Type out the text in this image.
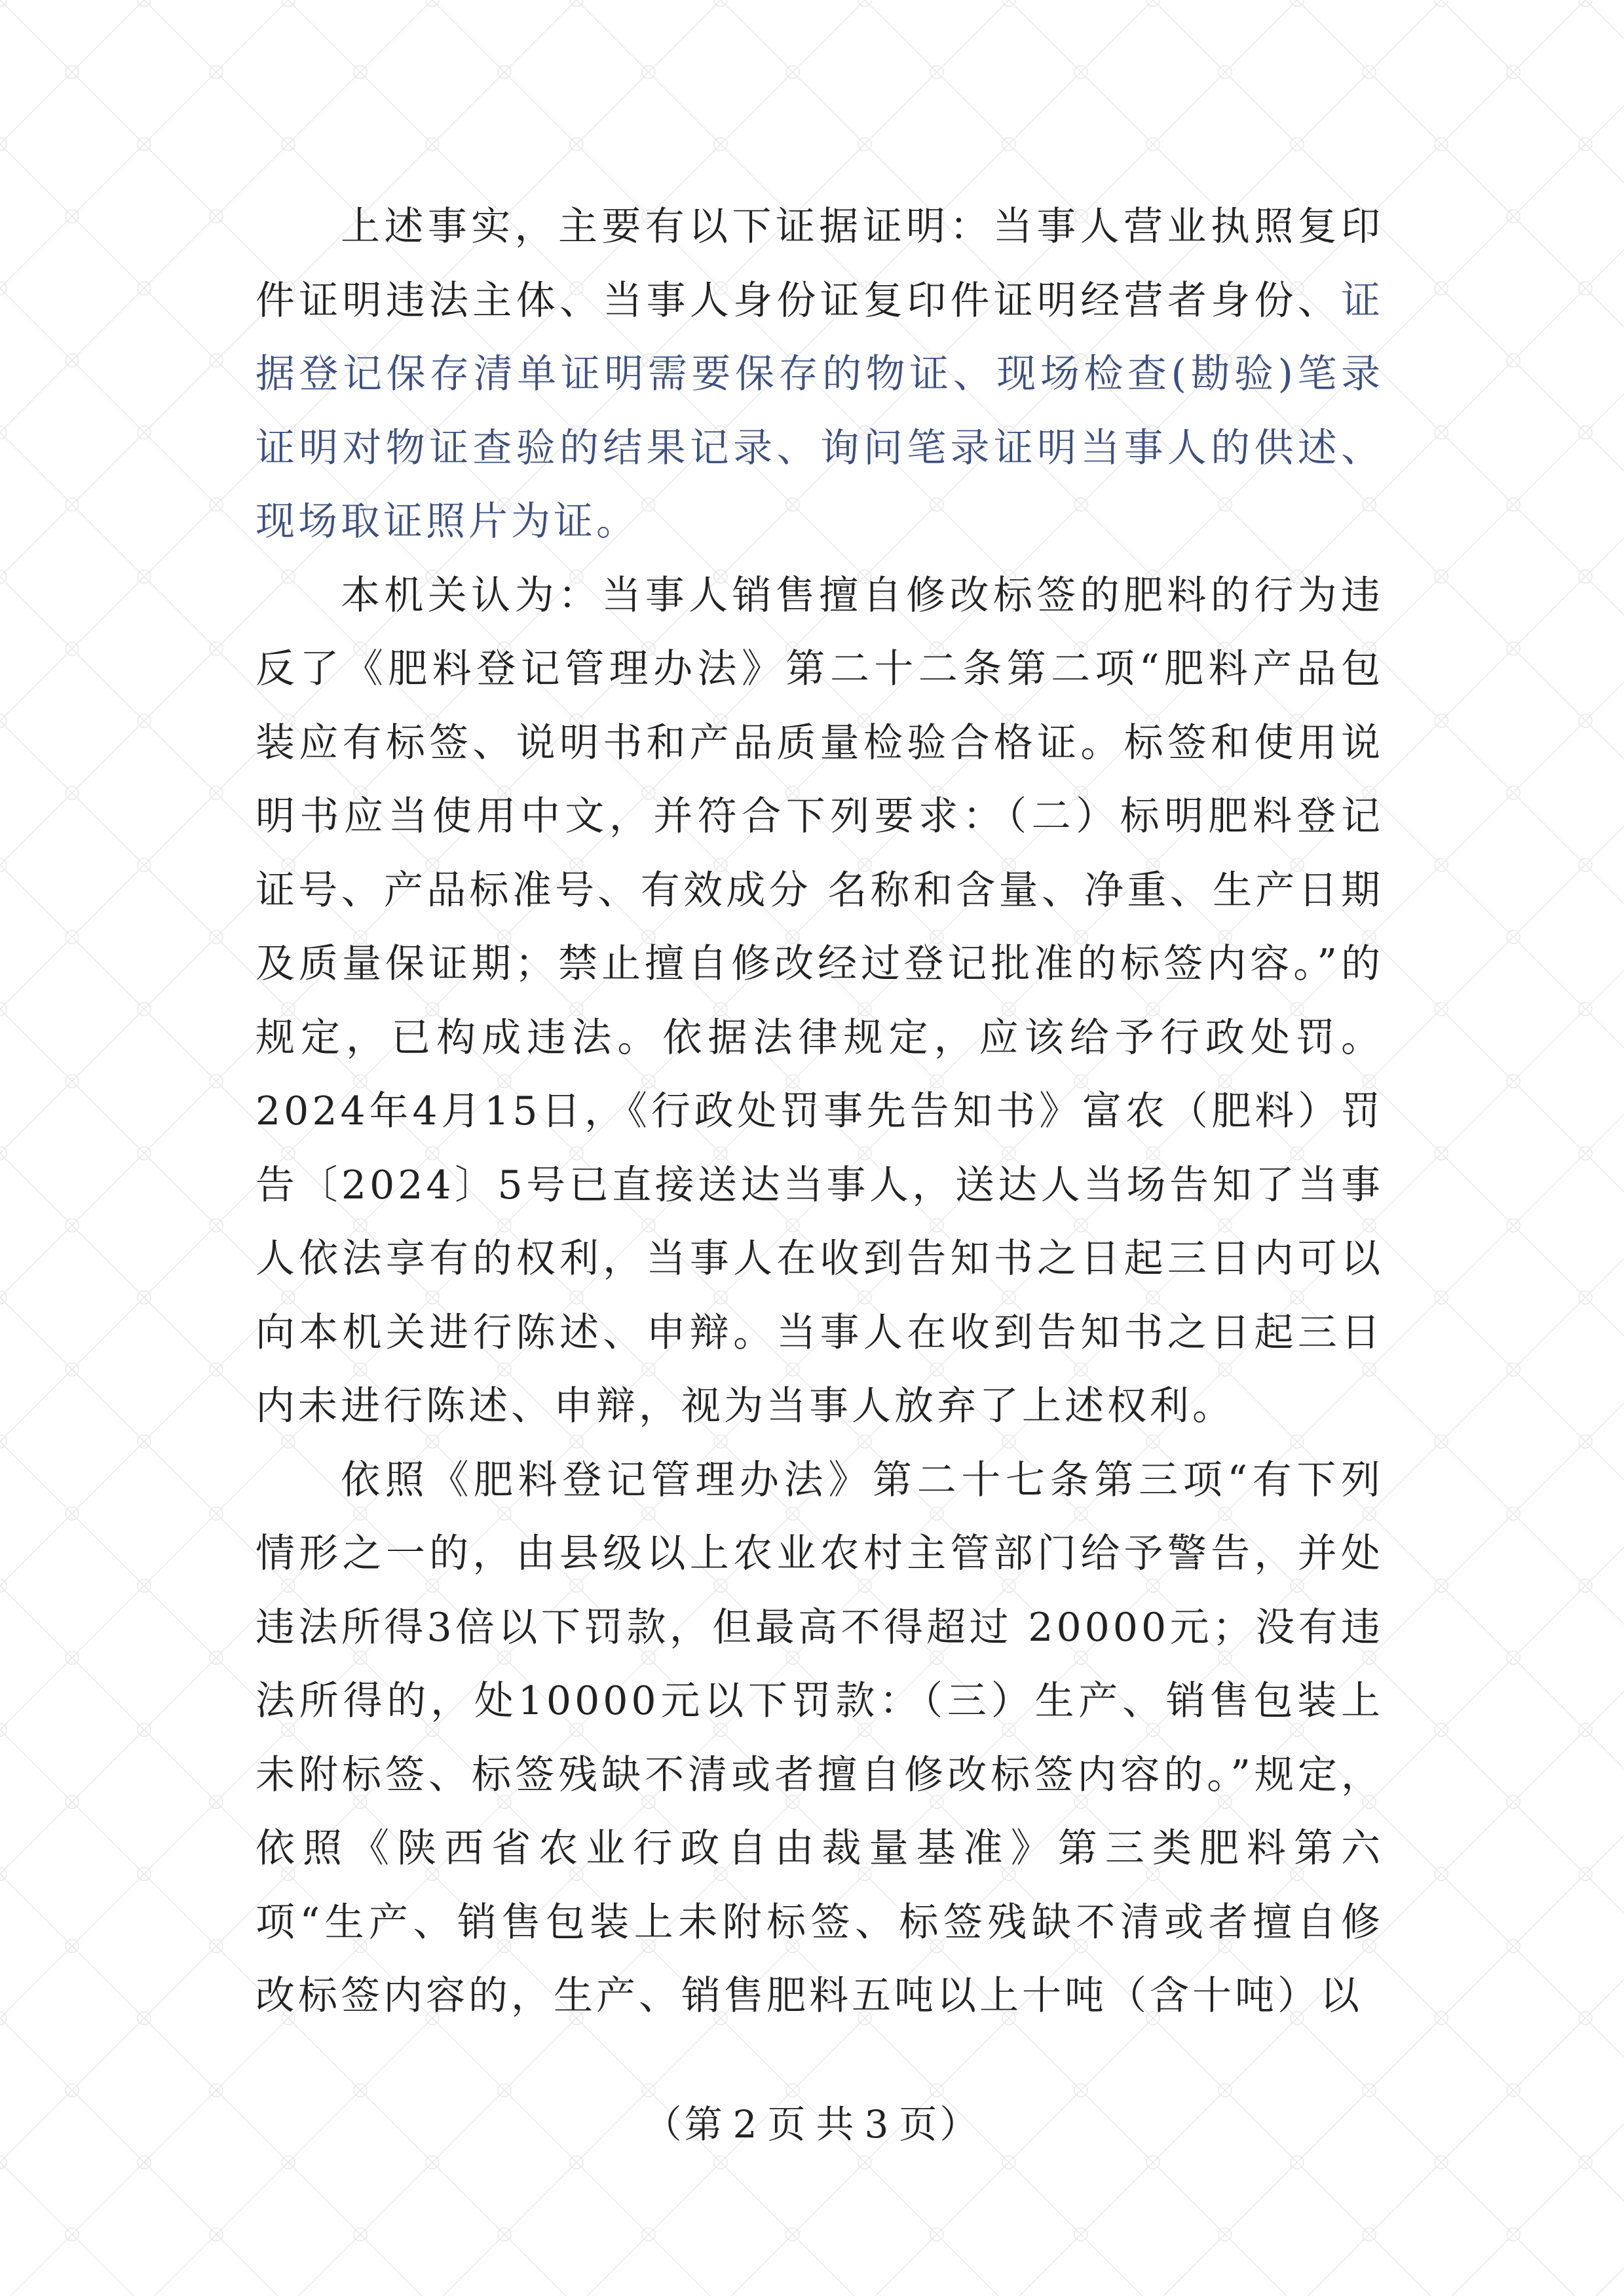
上述事实，主要有以下证据证明：当事人营业执照复印件证明违法主体、当事人身份证复印件证明经营者身份、证据登记保存清单证明需要保存的物证、现场检查(勘验)笔录证明对物证查验的结果记录、询问笔录证明当事人的供述、现场取证照片为证。

本机关认为：当事人销售擅自修改标签的肥料的行为违反了《肥料登记管理办法》第二十二条第二项“肥料产品包装应有标签、说明书和产品质量检验合格证。标签和使用说明书应当使用中文，并符合下列要求：（二）标明肥料登记证号、产品标准号、有效成分 名称和含量、净重、生产日期及质量保证期；禁止擅自修改经过登记批准的标签内容。”的规定，已构成违法。依据法律规定，应该给予行政处罚。 2024年4月15日，《行政处罚事先告知书》富农（肥料）罚告〔2024〕5号已直接送达当事人，送达人当场告知了当事人依法享有的权利，当事人在收到告知书之日起三日内可以向本机关进行陈述、申辩。当事人在收到告知书之日起三日内未进行陈述、申辩，视为当事人放弃了上述权利。

依照《肥料登记管理办法》第二十七条第三项“有下列情形之一的，由县级以上农业农村主管部门给予警告，并处违法所得3倍以下罚款，但最高不得超过 20000元；没有违法所得的，处10000元以下罚款：（三）生产、销售包装上未附标签、标签残缺不清或者擅自修改标签内容的。”规定，依照《陕西省农业行政自由裁量基准》第三类肥料第六项“生产、销售包装上未附标签、标签残缺不清或者擅自修改标签内容的，生产、销售肥料五吨以上十吨（含十吨）以

（第 2 页 共 3 页）
